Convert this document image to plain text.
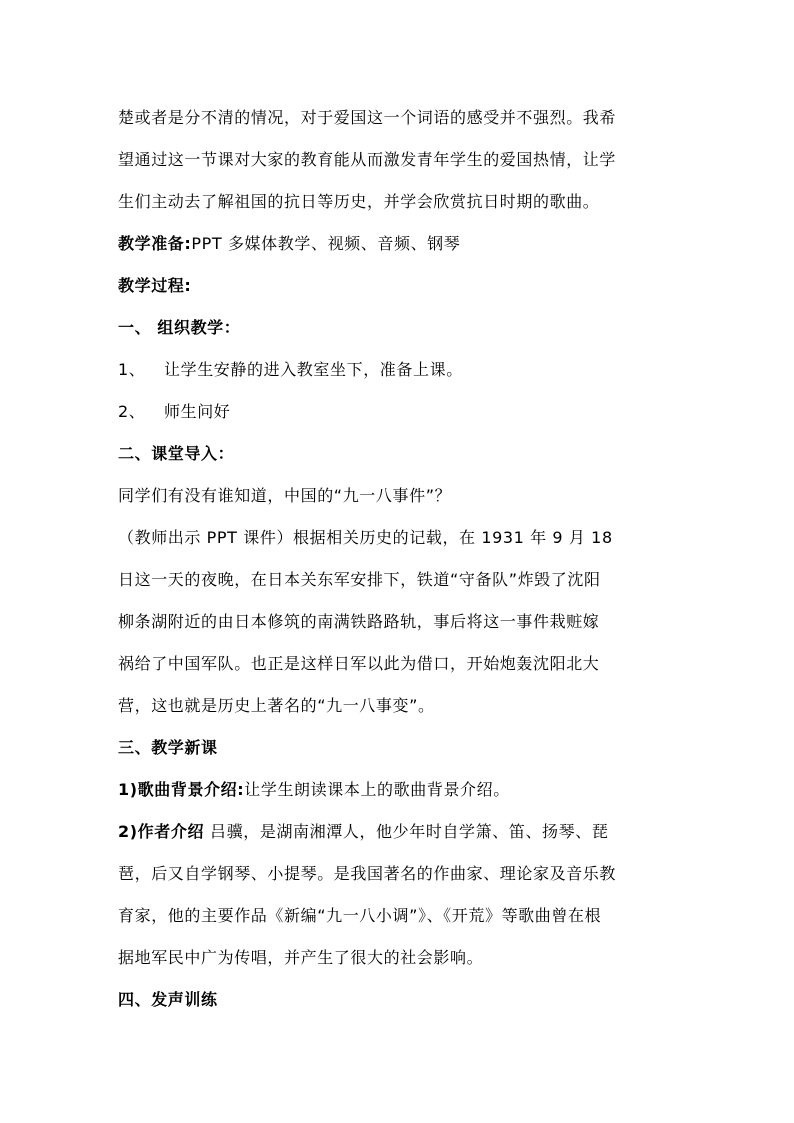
楚或者是分不清的情况，对于爱国这一个词语的感受并不强烈。我希
望通过这一节课对大家的教育能从而激发青年学生的爱国热情，让学
生们主动去了解祖国的抗日等历史，并学会欣赏抗日时期的歌曲。
教学准备:PPT 多媒体教学、视频、音频、钢琴
教学过程:
一、 组织教学：
1、 让学生安静的进入教室坐下，准备上课。
2、 师生问好
二、课堂导入：
同学们有没有谁知道，中国的“九一八事件”？
（教师出示 PPT 课件）根据相关历史的记载，在 1931 年 9 月 18
日这一天的夜晚，在日本关东军安排下，铁道“守备队”炸毁了沈阳
柳条湖附近的由日本修筑的南满铁路路轨，事后将这一事件栽赃嫁
祸给了中国军队。也正是这样日军以此为借口，开始炮轰沈阳北大
营，这也就是历史上著名的“九一八事变”。
三、教学新课
1)歌曲背景介绍:让学生朗读课本上的歌曲背景介绍。
2)作者介绍 吕骥，是湖南湘潭人，他少年时自学箫、笛、扬琴、琵
琶，后又自学钢琴、小提琴。是我国著名的作曲家、理论家及音乐教
育家，他的主要作品《新编“九一八小调”》、《开荒》等歌曲曾在根
据地军民中广为传唱，并产生了很大的社会影响。
四、发声训练
